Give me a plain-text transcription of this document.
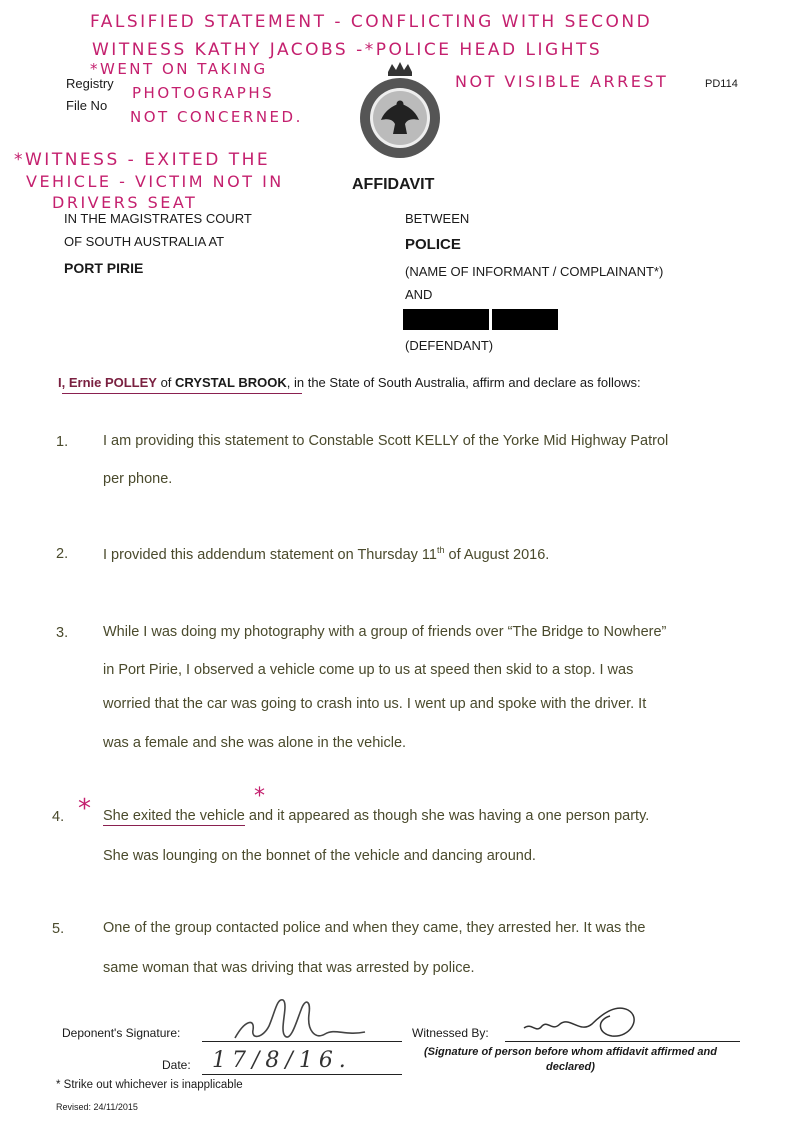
FALSIFIED STATEMENT - CONFLICTING WITH SECOND
WITNESS KATHY JACOBS -*POLICE HEAD LIGHTS
NOT VISIBLE ARREST
*WENT ON TAKING
PHOTOGRAPHS
NOT CONCERNED.
Registry
File No
PD114
*WITNESS - EXITED THE
VEHICLE - VICTIM NOT IN
DRIVERS SEAT
AFFIDAVIT
IN THE MAGISTRATES COURT
OF SOUTH AUSTRALIA AT
PORT PIRIE
BETWEEN
POLICE
(NAME OF INFORMANT / COMPLAINANT*)
AND
(DEFENDANT)
I, Ernie POLLEY of CRYSTAL BROOK, in the State of South Australia, affirm and declare as follows:
1. I am providing this statement to Constable Scott KELLY of the Yorke Mid Highway Patrol
per phone.
2. I provided this addendum statement on Thursday 11th of August 2016.
3. While I was doing my photography with a group of friends over “The Bridge to Nowhere”
in Port Pirie, I observed a vehicle come up to us at speed then skid to a stop. I was
worried that the car was going to crash into us. I went up and spoke with the driver. It
was a female and she was alone in the vehicle.
4. *	*
She exited the vehicle and it appeared as though she was having a one person party.
She was lounging on the bonnet of the vehicle and dancing around.
5.	One of the group contacted police and when they came, they arrested her. It was the
same woman that was driving that was arrested by police.
Deponent's Signature:
Date: 17/8/16.
Witnessed By:
(Signature of person before whom affidavit affirmed and
declared)
* Strike out whichever is inapplicable
Revised: 24/11/2015
